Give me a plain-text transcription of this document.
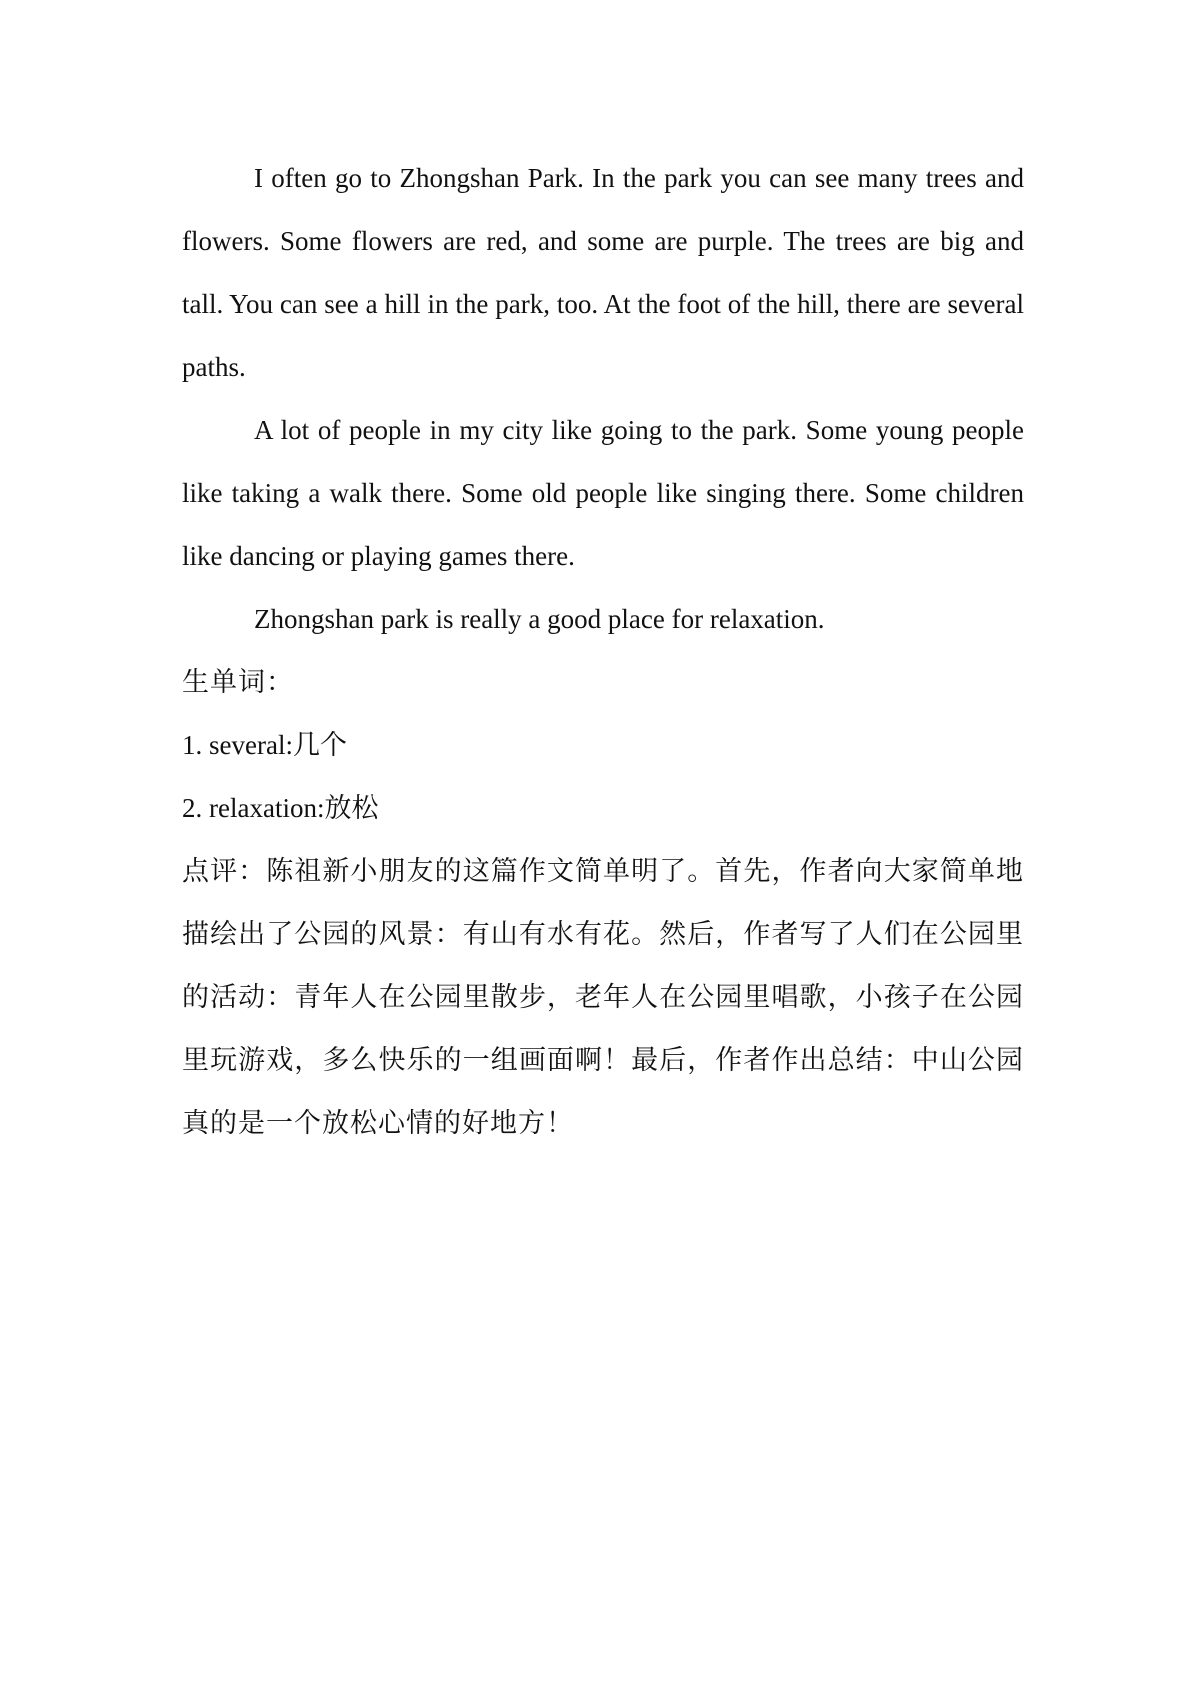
I often go to Zhongshan Park. In the park you can see many trees and flowers. Some flowers are red, and some are purple. The trees are big and tall. You can see a hill in the park, too. At the foot of the hill, there are several paths.

A lot of people in my city like going to the park. Some young people like taking a walk there. Some old people like singing there. Some children like dancing or playing games there.

Zhongshan park is really a good place for relaxation.

生单词：

1. several:几个

2. relaxation:放松

点评：陈祖新小朋友的这篇作文简单明了。首先，作者向大家简单地描绘出了公园的风景：有山有水有花。然后，作者写了人们在公园里的活动：青年人在公园里散步，老年人在公园里唱歌，小孩子在公园里玩游戏，多么快乐的一组画面啊！最后，作者作出总结：中山公园真的是一个放松心情的好地方！
